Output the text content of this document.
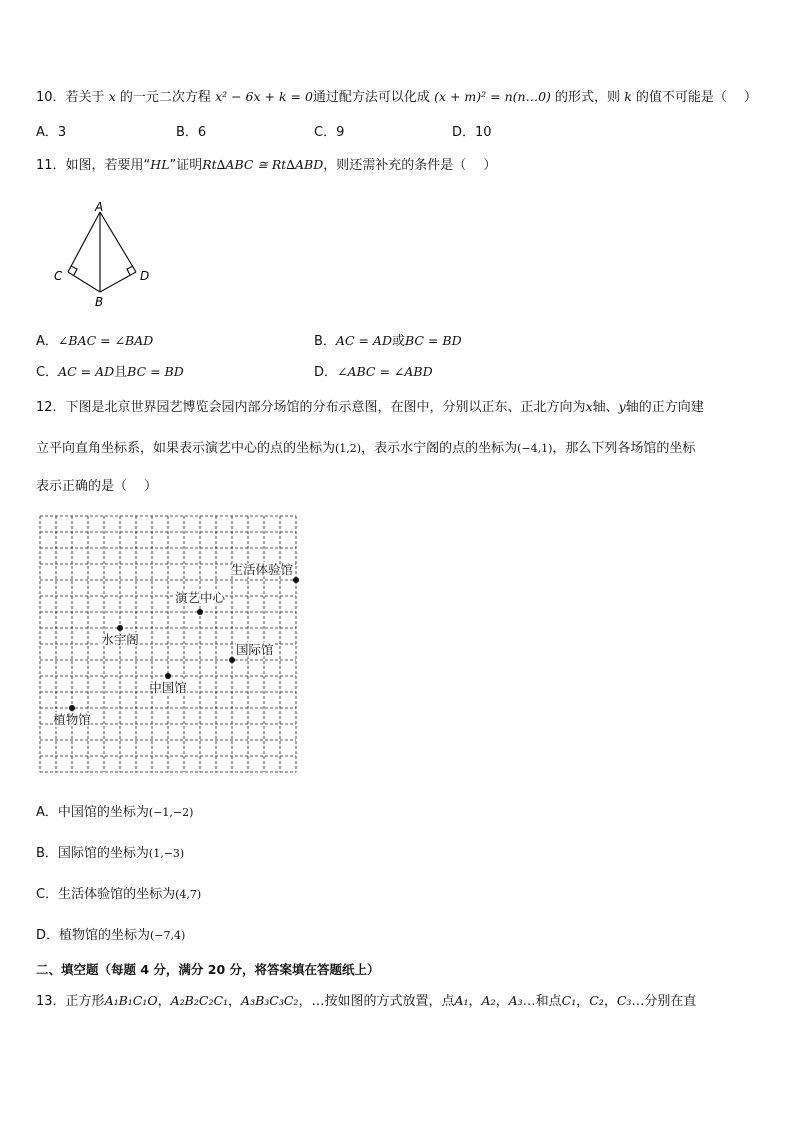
10．若关于 x 的一元二次方程 x² − 6x + k = 0通过配方法可以化成 (x + m)² = n(n…0) 的形式，则 k 的值不可能是（　 ）
A．3	B．6	C．9	D．10
11．如图，若要用“HL”证明Rt∆ABC ≅ Rt∆ABD，则还需补充的条件是（　 ）
A
C	D
B
A．∠BAC = ∠BAD	B．AC = AD或BC = BD
C．AC = AD且BC = BD	D．∠ABC = ∠ABD
12．下图是北京世界园艺博览会园内部分场馆的分布示意图，在图中，分别以正东、正北方向为x轴、y轴的正方向建
立平向直角坐标系，如果表示演艺中心的点的坐标为(1,2)，表示水宁阁的点的坐标为(−4,1)，那么下列各场馆的坐标
表示正确的是（　 ）
生活体验馆
演艺中心
水宇阁
国际馆
中国馆
植物馆
A．中国馆的坐标为(−1,−2)
B．国际馆的坐标为(1,−3)
C．生活体验馆的坐标为(4,7)
D．植物馆的坐标为(−7,4)
二、填空题（每题 4 分，满分 20 分，将答案填在答题纸上）
13．正方形A₁B₁C₁O，A₂B₂C₂C₁，A₃B₃C₃C₂，…按如图的方式放置，点A₁，A₂，A₃…和点C₁，C₂，C₃…分别在直
